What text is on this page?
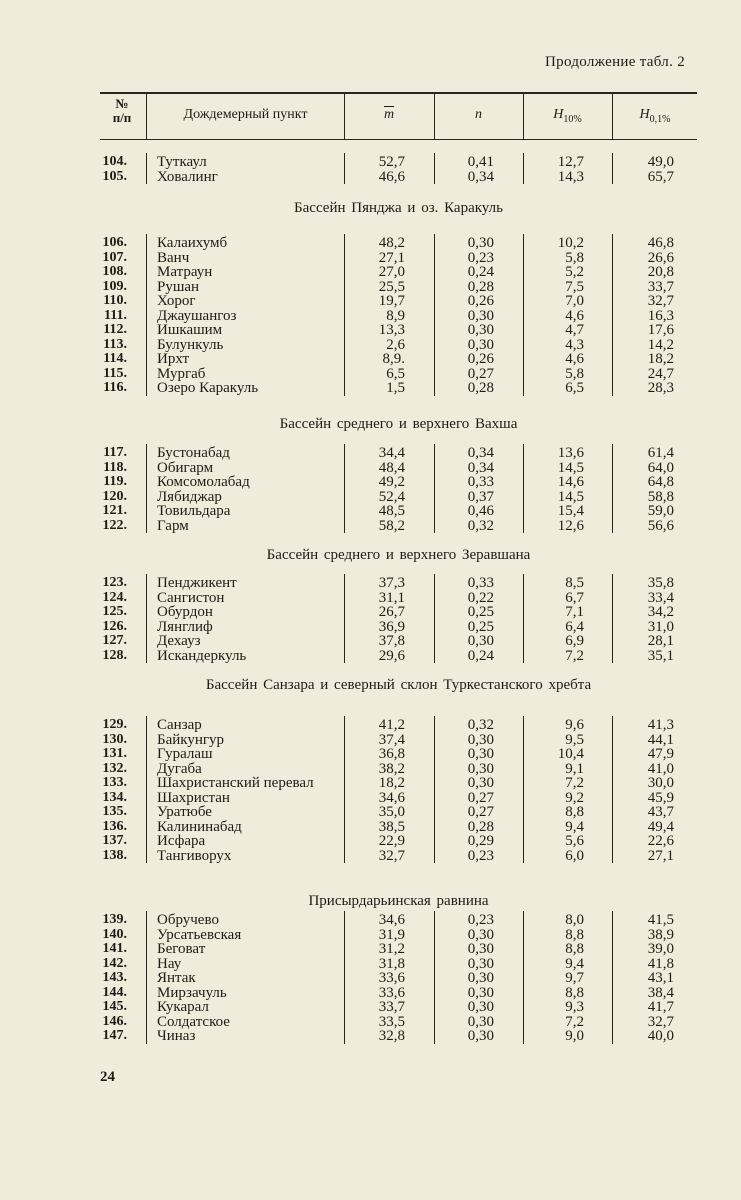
Продолжение табл. 2
№
п/п	Дождемерный пункт	$\overline{m}$	n	$H_{10\%}$	$H_{0,1\%}$
104. Туткаул	52,7	0,41	12,7	49,0
105. Ховалинг	46,6	0,34	14,3	65,7
Бассейн Пянджа и оз. Каракуль
106. Калаихумб	48,2	0,30	10,2	46,8
107. Ванч	27,1	0,23	5,8	26,6
108. Матраун	27,0	0,24	5,2	20,8
109. Рушан	25,5	0,28	7,5	33,7
110. Хорог	19,7	0,26	7,0	32,7
111. Джаушангоз	8,9	0,30	4,6	16,3
112. Ишкашим	13,3	0,30	4,7	17,6
113. Булункуль	2,6	0,30	4,3	14,2
114. Ирхт	8,9.	0,26	4,6	18,2
115. Мургаб	6,5	0,27	5,8	24,7
116. Озеро Каракуль	1,5	0,28	6,5	28,3
Бассейн среднего и верхнего Вахша
117. Бустонабад	34,4	0,34	13,6	61,4
118. Обигарм	48,4	0,34	14,5	64,0
119. Комсомолабад	49,2	0,33	14,6	64,8
120. Лябиджар	52,4	0,37	14,5	58,8
121. Товильдара	48,5	0,46	15,4	59,0
122. Гарм	58,2	0,32	12,6	56,6
Бассейн среднего и верхнего Зеравшана
123. Пенджикент	37,3	0,33	8,5	35,8
124. Сангистон	31,1	0,22	6,7	33,4
125. Обурдон	26,7	0,25	7,1	34,2
126. Лянглиф	36,9	0,25	6,4	31,0
127. Дехауз	37,8	0,30	6,9	28,1
128. Искандеркуль	29,6	0,24	7,2	35,1
Бассейн Санзара и северный склон Туркестанского хребта
129. Санзар	41,2	0,32	9,6	41,3
130. Байкунгур	37,4	0,30	9,5	44,1
131. Гуралаш	36,8	0,30	10,4	47,9
132. Дугаба	38,2	0,30	9,1	41,0
133. Шахристанский перевал	18,2	0,30	7,2	30,0
134. Шахристан	34,6	0,27	9,2	45,9
135. Уратюбе	35,0	0,27	8,8	43,7
136. Калининабад	38,5	0,28	9,4	49,4
137. Исфара	22,9	0,29	5,6	22,6
138. Тангиворух	32,7	0,23	6,0	27,1
Присырдарьинская равнина
139. Обручево	34,6	0,23	8,0	41,5
140. Урсатьевская	31,9	0,30	8,8	38,9
141. Беговат	31,2	0,30	8,8	39,0
142. Нау	31,8	0,30	9,4	41,8
143. Янтак	33,6	0,30	9,7	43,1
144. Мирзачуль	33,6	0,30	8,8	38,4
145. Кукарал	33,7	0,30	9,3	41,7
146. Солдатское	33,5	0,30	7,2	32,7
147. Чиназ	32,8	0,30	9,0	40,0
24
